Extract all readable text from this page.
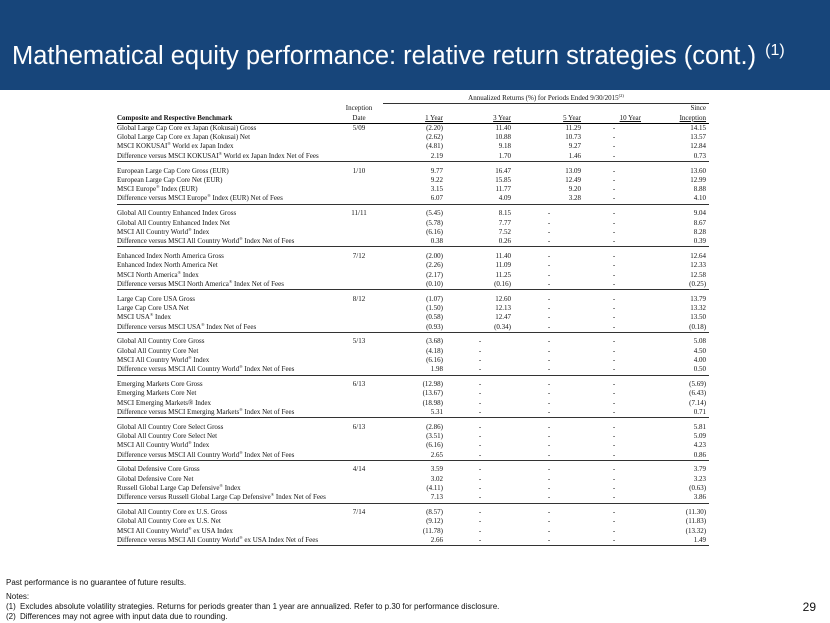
Mathematical equity performance: relative return strategies (cont.) $^{(1)}$
		Annualized Returns (%) for Periods Ended 9/30/2015$^{(2)}$
	Inception					Since
Composite and Respective Benchmark	Date	1 Year	3 Year	5 Year	10 Year	Inception
Global Large Cap Core ex Japan (Kokusai) Gross	5/09	(2.20)	11.40	11.29	-	14.15
Global Large Cap Core ex Japan (Kokusai) Net		(2.62)	10.88	10.73	-	13.57
MSCI KOKUSAI® World ex Japan Index		(4.81)	9.18	9.27	-	12.84
Difference versus MSCI KOKUSAI® World ex Japan Index Net of Fees		2.19	1.70	1.46	-	0.73

European Large Cap Core Gross (EUR)	1/10	9.77	16.47	13.09	-	13.60
European Large Cap Core Net (EUR)		9.22	15.85	12.49	-	12.99
MSCI Europe® Index (EUR)		3.15	11.77	9.20	-	8.88
Difference versus MSCI Europe® Index (EUR) Net of Fees		6.07	4.09	3.28	-	4.10

Global All Country Enhanced Index Gross	11/11	(5.45)	8.15	-	-	9.04
Global All Country Enhanced Index Net		(5.78)	7.77	-	-	8.67
MSCI All Country World® Index		(6.16)	7.52	-	-	8.28
Difference versus MSCI All Country World® Index Net of Fees		0.38	0.26	-	-	0.39

Enhanced Index North America Gross	7/12	(2.00)	11.40	-	-	12.64
Enhanced Index North America Net		(2.26)	11.09	-	-	12.33
MSCI North America® Index		(2.17)	11.25	-	-	12.58
Difference versus MSCI North America® Index Net of Fees		(0.10)	(0.16)	-	-	(0.25)

Large Cap Core USA Gross	8/12	(1.07)	12.60	-	-	13.79
Large Cap Core USA Net		(1.50)	12.13	-	-	13.32
MSCI USA® Index		(0.58)	12.47	-	-	13.50
Difference versus MSCI USA® Index Net of Fees		(0.93)	(0.34)	-	-	(0.18)

Global All Country Core Gross	5/13	(3.68)	-	-	-	5.08
Global All Country Core Net		(4.18)	-	-	-	4.50
MSCI All Country World® Index		(6.16)	-	-	-	4.00
Difference versus MSCI All Country World® Index Net of Fees		1.98	-	-	-	0.50

Emerging Markets Core Gross	6/13	(12.98)	-	-	-	(5.69)
Emerging Markets Core Net		(13.67)	-	-	-	(6.43)
MSCI Emerging Markets® Index		(18.98)	-	-	-	(7.14)
Difference versus MSCI Emerging Markets® Index Net of Fees		5.31	-	-	-	0.71

Global All Country Core Select Gross	6/13	(2.86)	-	-	-	5.81
Global All Country Core Select Net		(3.51)	-	-	-	5.09
MSCI All Country World® Index		(6.16)	-	-	-	4.23
Difference versus MSCI All Country World® Index Net of Fees		2.65	-	-	-	0.86

Global Defensive Core Gross	4/14	3.59	-	-	-	3.79
Global Defensive Core Net		3.02	-	-	-	3.23
Russell Global Large Cap Defensive® Index		(4.11)	-	-	-	(0.63)
Difference versus Russell Global Large Cap Defensive® Index Net of Fees		7.13	-	-	-	3.86

Global All Country Core ex U.S. Gross	7/14	(8.57)	-	-	-	(11.30)
Global All Country Core ex U.S. Net		(9.12)	-	-	-	(11.83)
MSCI All Country World® ex USA Index		(11.78)	-	-	-	(13.32)
Difference versus MSCI All Country World® ex USA Index Net of Fees		2.66	-	-	-	1.49
Past performance is no guarantee of future results.
Notes:
(1) Excludes absolute volatility strategies. Returns for periods greater than 1 year are annualized. Refer to p.30 for performance disclosure.
(2) Differences may not agree with input data due to rounding.
29
